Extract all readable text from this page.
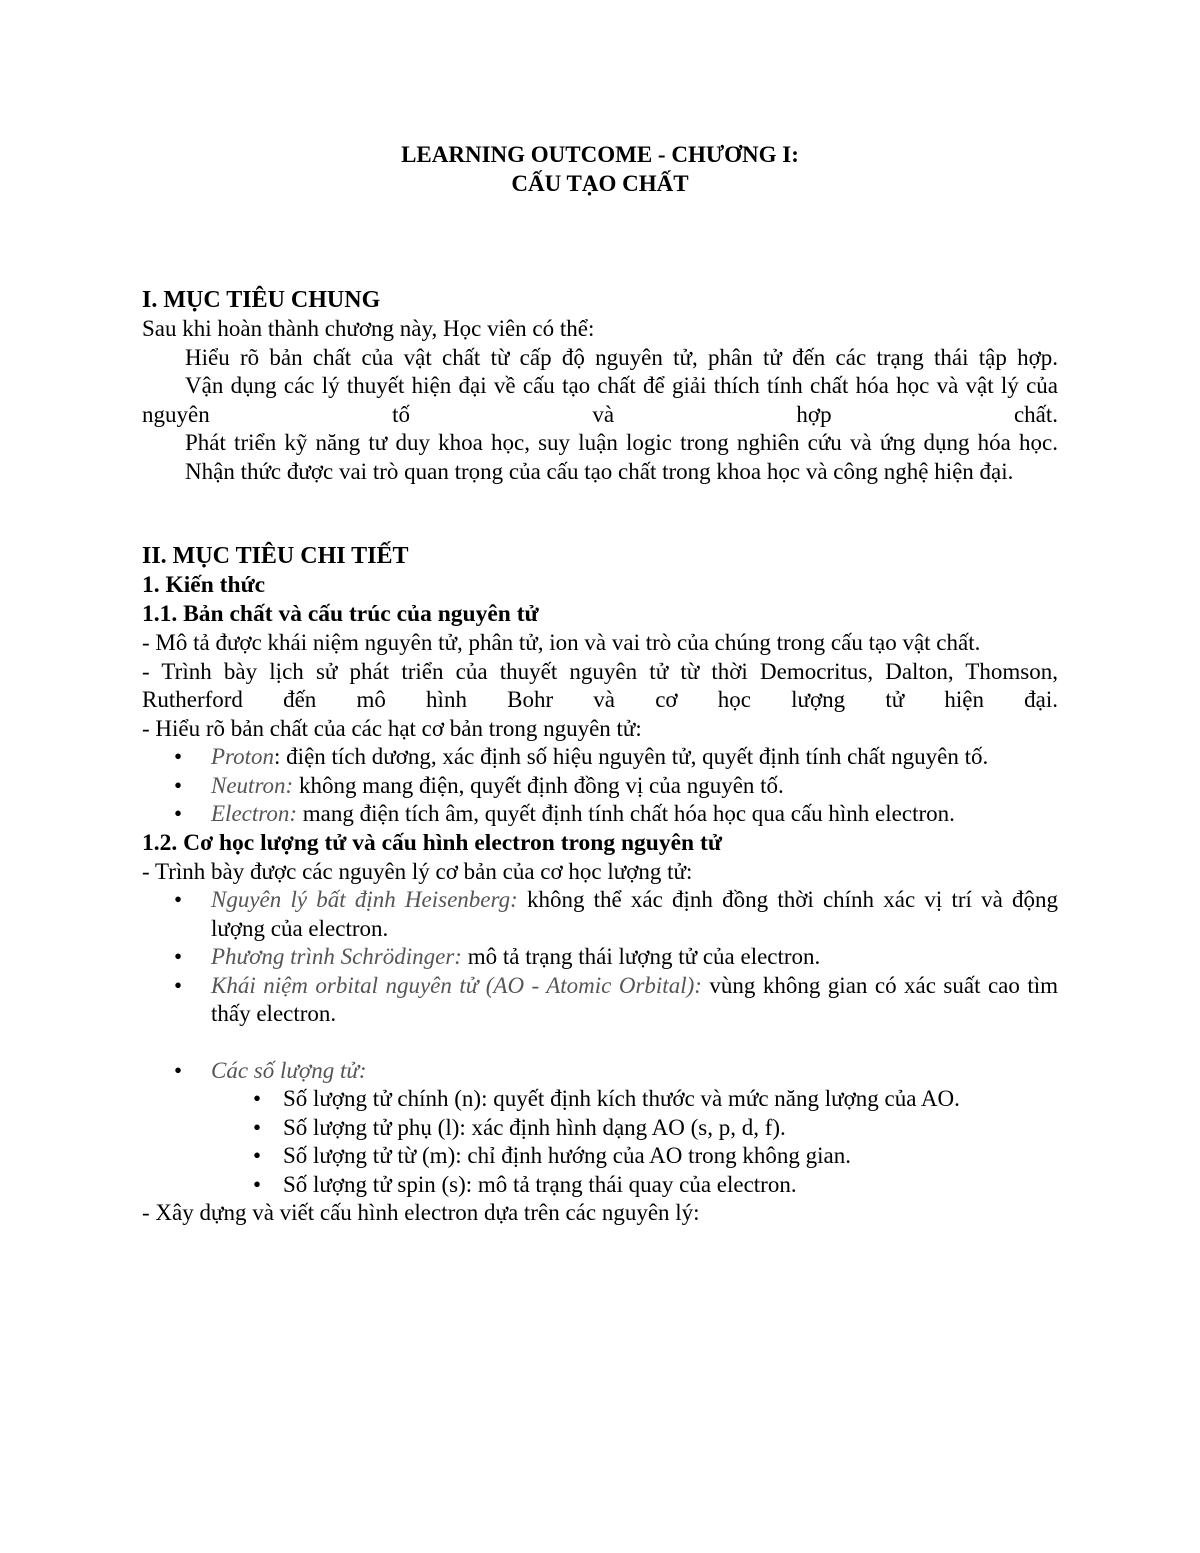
LEARNING OUTCOME - CHƯƠNG I:

CẤU TẠO CHẤT

I. MỤC TIÊU CHUNG

Sau khi hoàn thành chương này, Học viên có thể:

Hiểu rõ bản chất của vật chất từ cấp độ nguyên tử, phân tử đến các trạng thái tập hợp.

Vận dụng các lý thuyết hiện đại về cấu tạo chất để giải thích tính chất hóa học và vật lý của nguyên tố và hợp chất.

Phát triển kỹ năng tư duy khoa học, suy luận logic trong nghiên cứu và ứng dụng hóa học.

Nhận thức được vai trò quan trọng của cấu tạo chất trong khoa học và công nghệ hiện đại.

II. MỤC TIÊU CHI TIẾT

1. Kiến thức

1.1. Bản chất và cấu trúc của nguyên tử

- Mô tả được khái niệm nguyên tử, phân tử, ion và vai trò của chúng trong cấu tạo vật chất.

- Trình bày lịch sử phát triển của thuyết nguyên tử từ thời Democritus, Dalton, Thomson, Rutherford đến mô hình Bohr và cơ học lượng tử hiện đại.

- Hiểu rõ bản chất của các hạt cơ bản trong nguyên tử:

• Proton: điện tích dương, xác định số hiệu nguyên tử, quyết định tính chất nguyên tố.
• Neutron: không mang điện, quyết định đồng vị của nguyên tố.
• Electron: mang điện tích âm, quyết định tính chất hóa học qua cấu hình electron.

1.2. Cơ học lượng tử và cấu hình electron trong nguyên tử

- Trình bày được các nguyên lý cơ bản của cơ học lượng tử:

• Nguyên lý bất định Heisenberg: không thể xác định đồng thời chính xác vị trí và động lượng của electron.
• Phương trình Schrödinger: mô tả trạng thái lượng tử của electron.
• Khái niệm orbital nguyên tử (AO - Atomic Orbital): vùng không gian có xác suất cao tìm thấy electron.
• Các số lượng tử:
• Số lượng tử chính (n): quyết định kích thước và mức năng lượng của AO.
• Số lượng tử phụ (l): xác định hình dạng AO (s, p, d, f).
• Số lượng tử từ (m): chỉ định hướng của AO trong không gian.
• Số lượng tử spin (s): mô tả trạng thái quay của electron.

- Xây dựng và viết cấu hình electron dựa trên các nguyên lý:
